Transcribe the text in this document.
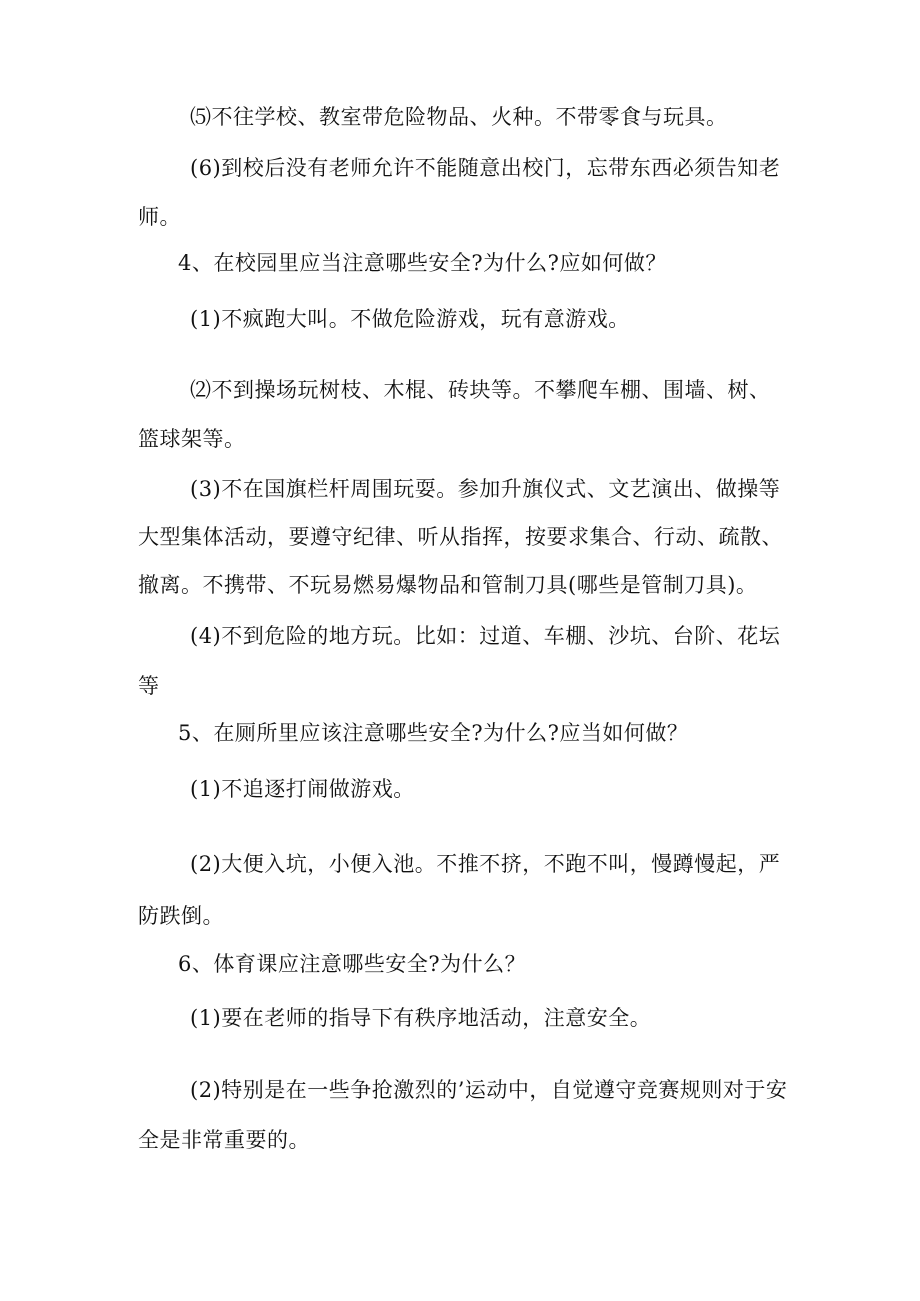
⑸不往学校、教室带危险物品、火种。不带零食与玩具。
(6)到校后没有老师允许不能随意出校门，忘带东西必须告知老
师。
4、在校园里应当注意哪些安全?为什么?应如何做？
(1)不疯跑大叫。不做危险游戏，玩有意游戏。
⑵不到操场玩树枝、木棍、砖块等。不攀爬车棚、围墙、树、
篮球架等。
(3)不在国旗栏杆周围玩耍。参加升旗仪式、文艺演出、做操等
大型集体活动，要遵守纪律、听从指挥，按要求集合、行动、疏散、
撤离。不携带、不玩易燃易爆物品和管制刀具(哪些是管制刀具)。
(4)不到危险的地方玩。比如：过道、车棚、沙坑、台阶、花坛
等
5、在厕所里应该注意哪些安全?为什么?应当如何做？
(1)不追逐打闹做游戏。
(2)大便入坑，小便入池。不推不挤，不跑不叫，慢蹲慢起，严
防跌倒。
6、体育课应注意哪些安全?为什么？
(1)要在老师的指导下有秩序地活动，注意安全。
(2)特别是在一些争抢激烈的’运动中，自觉遵守竞赛规则对于安
全是非常重要的。
